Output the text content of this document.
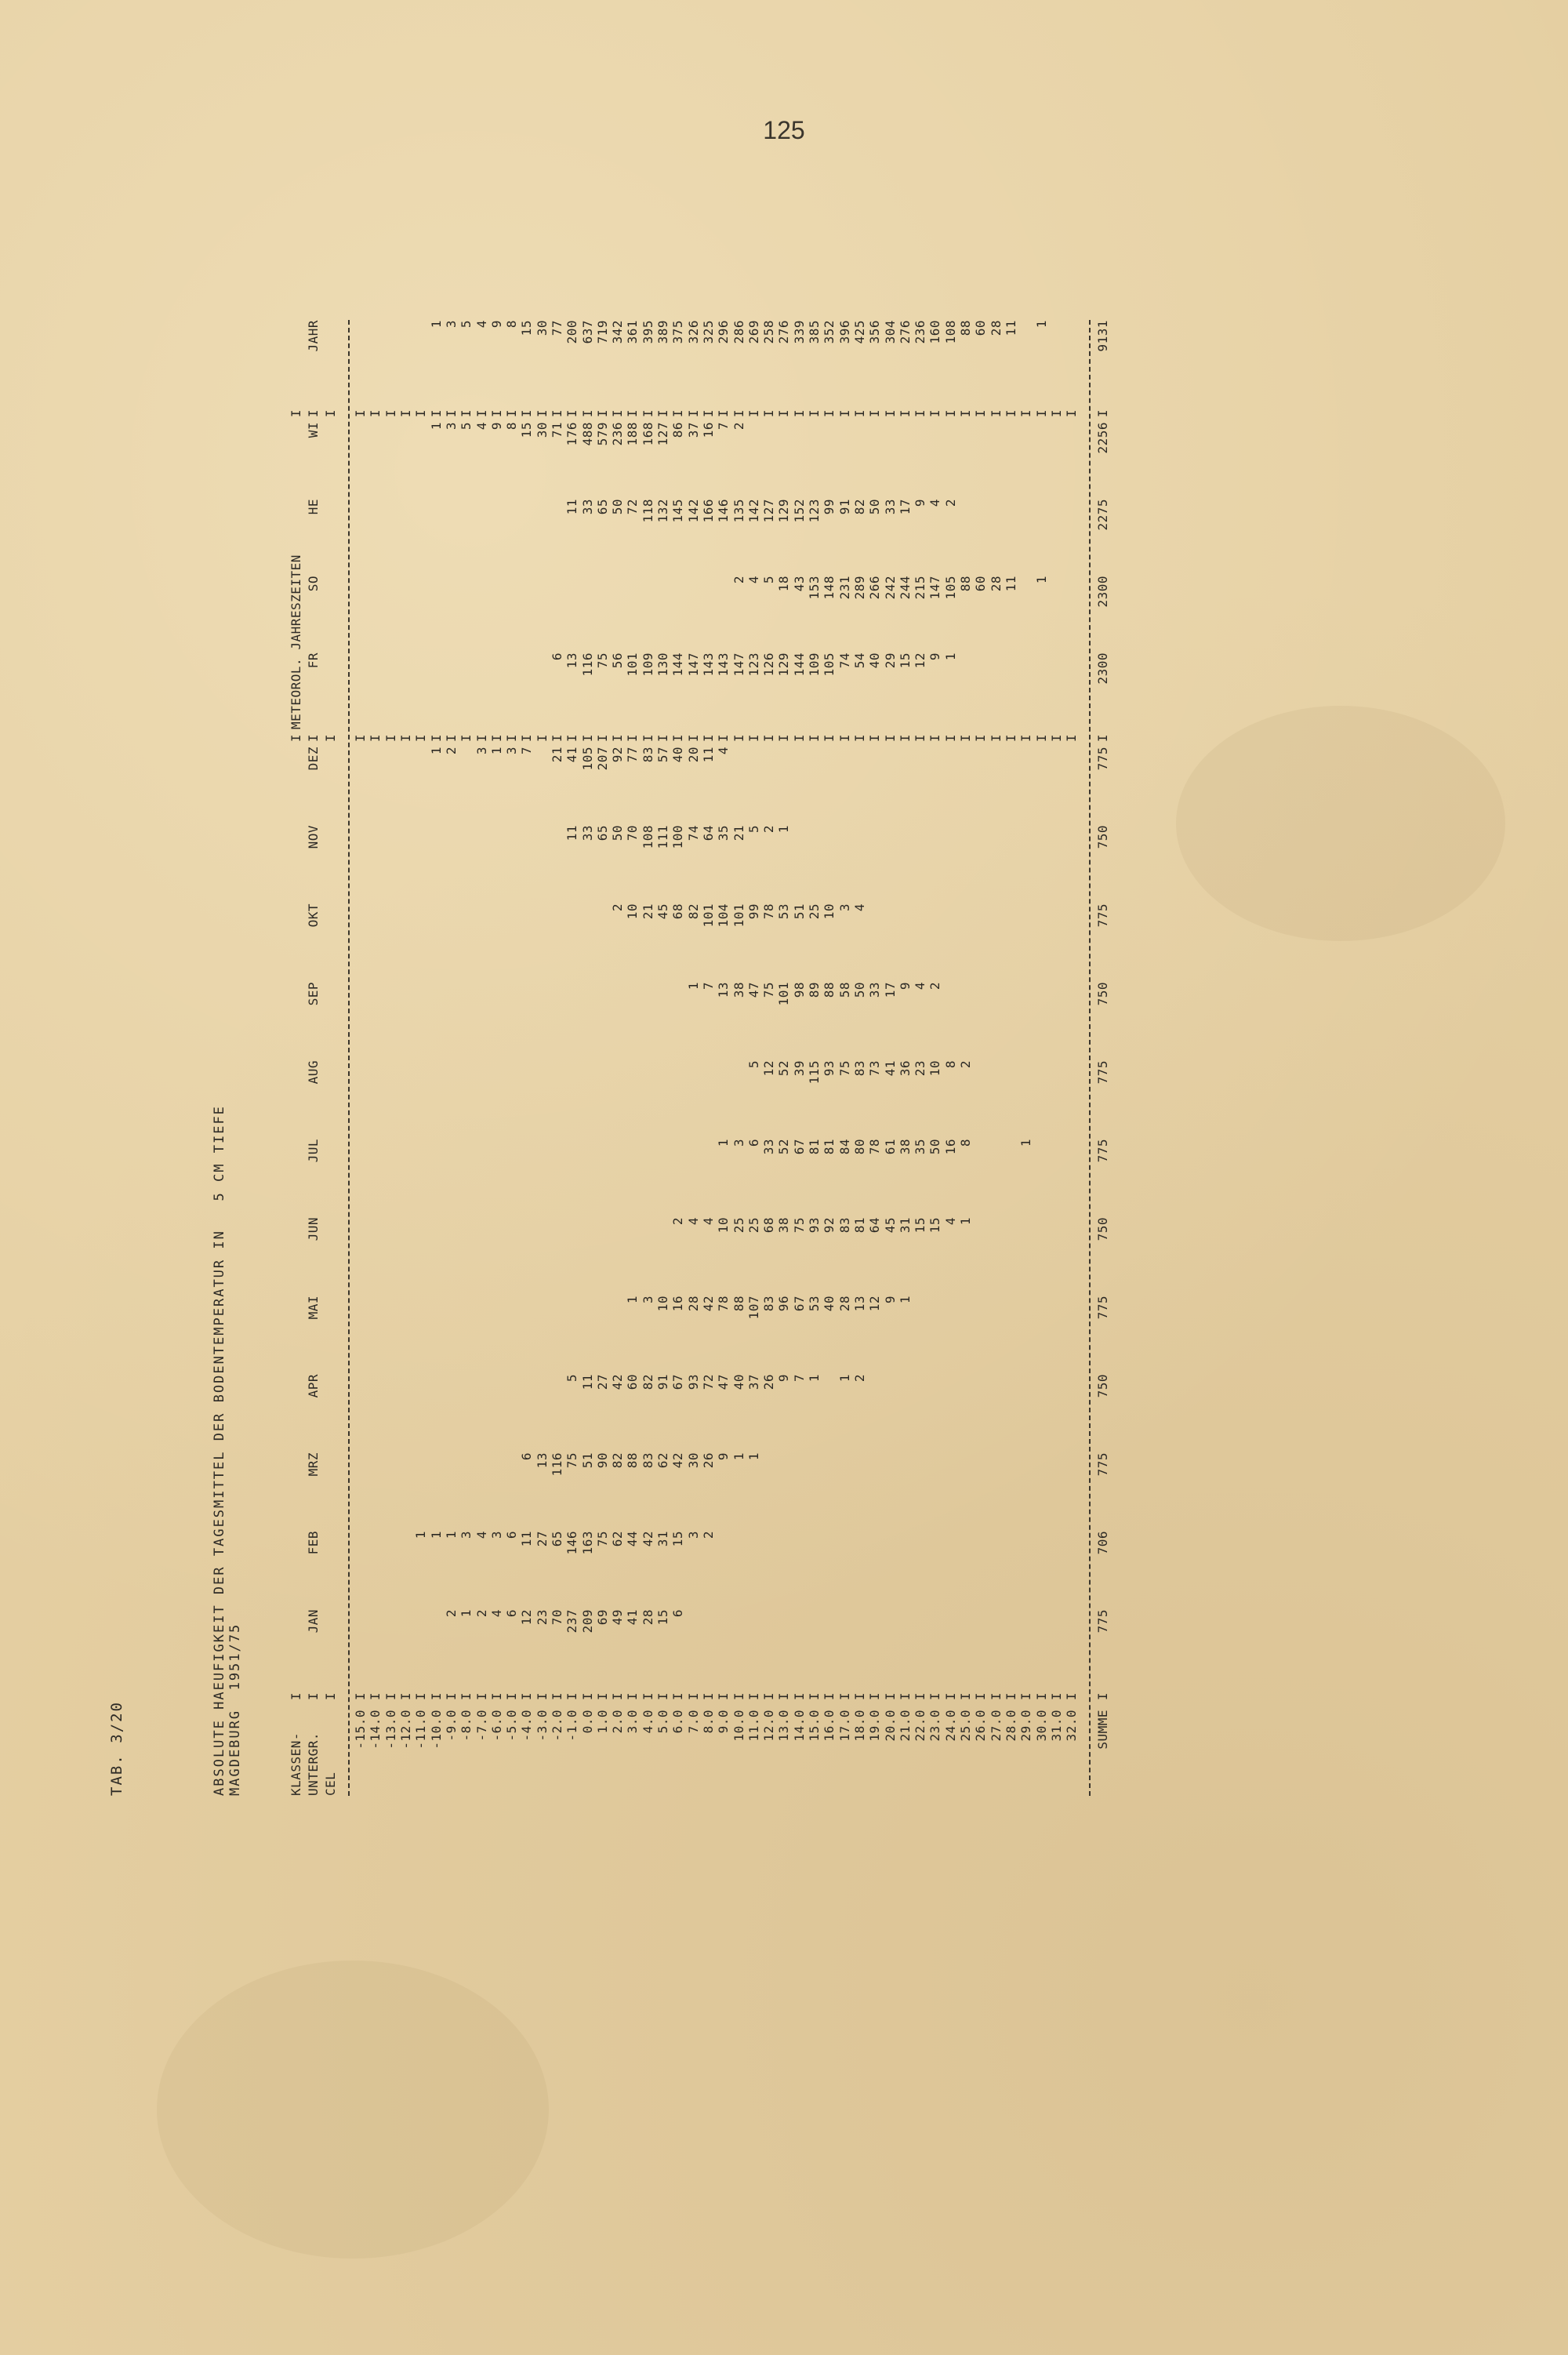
125
TAB. 3/20	ABSOLUTE HAEUFIGKEIT DER TAGESMITTEL DER BODENTEMPERATUR IN   5 CM TIEFE MAGDEBURG  1951/75	KLASSEN-	I													I	METEOROL. JAHRESZEITEN				I	
UNTERGR.	I	JAN	FEB	MRZ	APR	MAI	JUN	JUL	AUG	SEP	OKT	NOV	DEZ	I	FR	SO	HE	WI	I	JAHR
CEL	I													I					I	

-15.0	I													I					I	
-14.0	I													I					I	
-13.0	I													I					I	
-12.0	I													I					I	
-11.0	I		1											I					I	
-10.0	I		1										1	I				1	I	1
-9.0	I	2	1										2	I				3	I	3
-8.0	I	1	3											I				5	I	5
-7.0	I	2	4										3	I				4	I	4
-6.0	I	4	3										1	I				9	I	9
-5.0	I	6	6										3	I				8	I	8
-4.0	I	12	11	6									7	I				15	I	15
-3.0	I	23	27	13										I				30	I	30
-2.0	I	70	65	116									21	I	6			71	I	77
-1.0	I	237	146	75	5							11	41	I	13		11	176	I	200
0.0	I	209	163	51	11							33	105	I	116		33	488	I	637
1.0	I	69	75	90	27							65	207	I	75		65	579	I	719
2.0	I	49	62	82	42						2	50	92	I	56		50	236	I	342
3.0	I	41	44	88	60	1					10	70	77	I	101		72	188	I	361
4.0	I	28	42	83	82	3					21	108	83	I	109		118	168	I	395
5.0	I	15	31	62	91	10					45	111	57	I	130		132	127	I	389
6.0	I	6	15	42	67	16	2				68	100	40	I	144		145	86	I	375
7.0	I		3	30	93	28	4			1	82	74	20	I	147		142	37	I	326
8.0	I		2	26	72	42	4			7	101	64	11	I	143		166	16	I	325
9.0	I			9	47	78	10	1		13	104	35	4	I	143		146	7	I	296
10.0	I			1	40	88	25	3		38	101	21		I	147	2	135	2	I	286
11.0	I			1	37	107	25	6	5	47	99	5		I	123	4	142		I	269
12.0	I				26	83	68	33	12	75	78	2		I	126	5	127		I	258
13.0	I				9	96	38	52	52	101	53	1		I	129	18	129		I	276
14.0	I				7	67	75	67	39	98	51			I	144	43	152		I	339
15.0	I				1	53	93	81	115	89	25			I	109	153	123		I	385
16.0	I					40	92	81	93	88	10			I	105	148	99		I	352
17.0	I				1	28	83	84	75	58	3			I	74	231	91		I	396
18.0	I				2	13	81	80	83	50	4			I	54	289	82		I	425
19.0	I					12	64	78	73	33				I	40	266	50		I	356
20.0	I					9	45	61	41	17				I	29	242	33		I	304
21.0	I					1	31	38	36	9				I	15	244	17		I	276
22.0	I						15	35	23	4				I	12	215	9		I	236
23.0	I						15	50	10	2				I	9	147	4		I	160
24.0	I						4	16	8					I	1	105	2		I	108
25.0	I						1	8	2					I		88			I	88
26.0	I													I		60			I	60
27.0	I													I		28			I	28
28.0	I													I		11			I	11
29.0	I							1						I					I	
30.0	I													I		1			I	1
31.0	I													I					I	
32.0	I													I					I	

SUMME	I	775	706	775	750	775	750	775	775	750	775	750	775	I	2300	2300	2275	2256	I	9131
